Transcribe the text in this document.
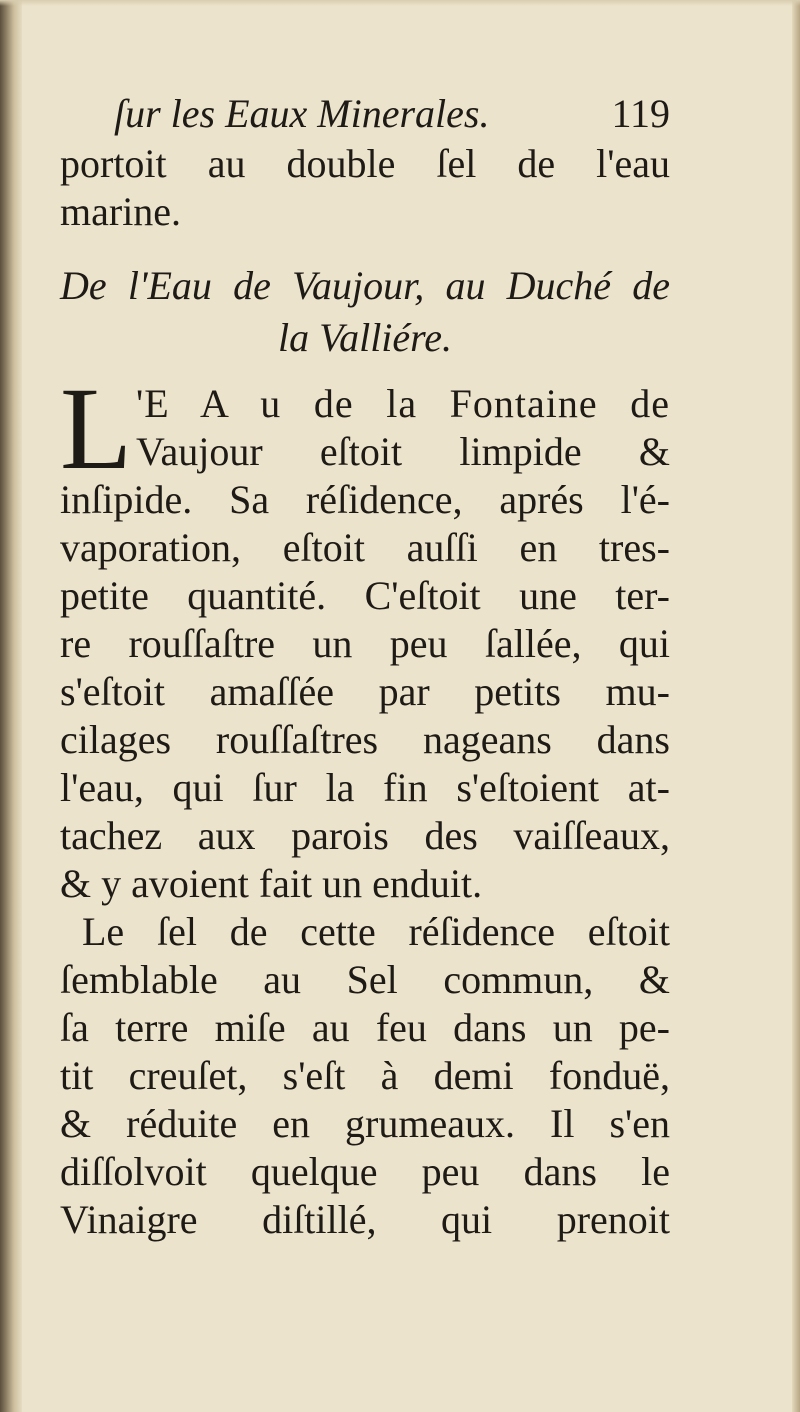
ſur les Eaux Minerales.	119
portoit au double ſel de l'eau
marine.
De l'Eau de Vaujour, au Duché de
la Valliére.
L 'E A u de la Fontaine de
Vaujour eſtoit limpide &
inſipide. Sa réſidence, aprés l'é-
vaporation, eſtoit auſſi en tres-
petite quantité. C'eſtoit une ter-
re rouſſaſtre un peu ſallée, qui
s'eſtoit amaſſée par petits mu-
cilages rouſſaſtres nageans dans
l'eau, qui ſur la fin s'eſtoient at-
tachez aux parois des vaiſſeaux,
& y avoient fait un enduit.
Le ſel de cette réſidence eſtoit
ſemblable au Sel commun, &
ſa terre miſe au feu dans un pe-
tit creuſet, s'eſt à demi fonduë,
& réduite en grumeaux. Il s'en
diſſolvoit quelque peu dans le
Vinaigre diſtillé, qui prenoit
